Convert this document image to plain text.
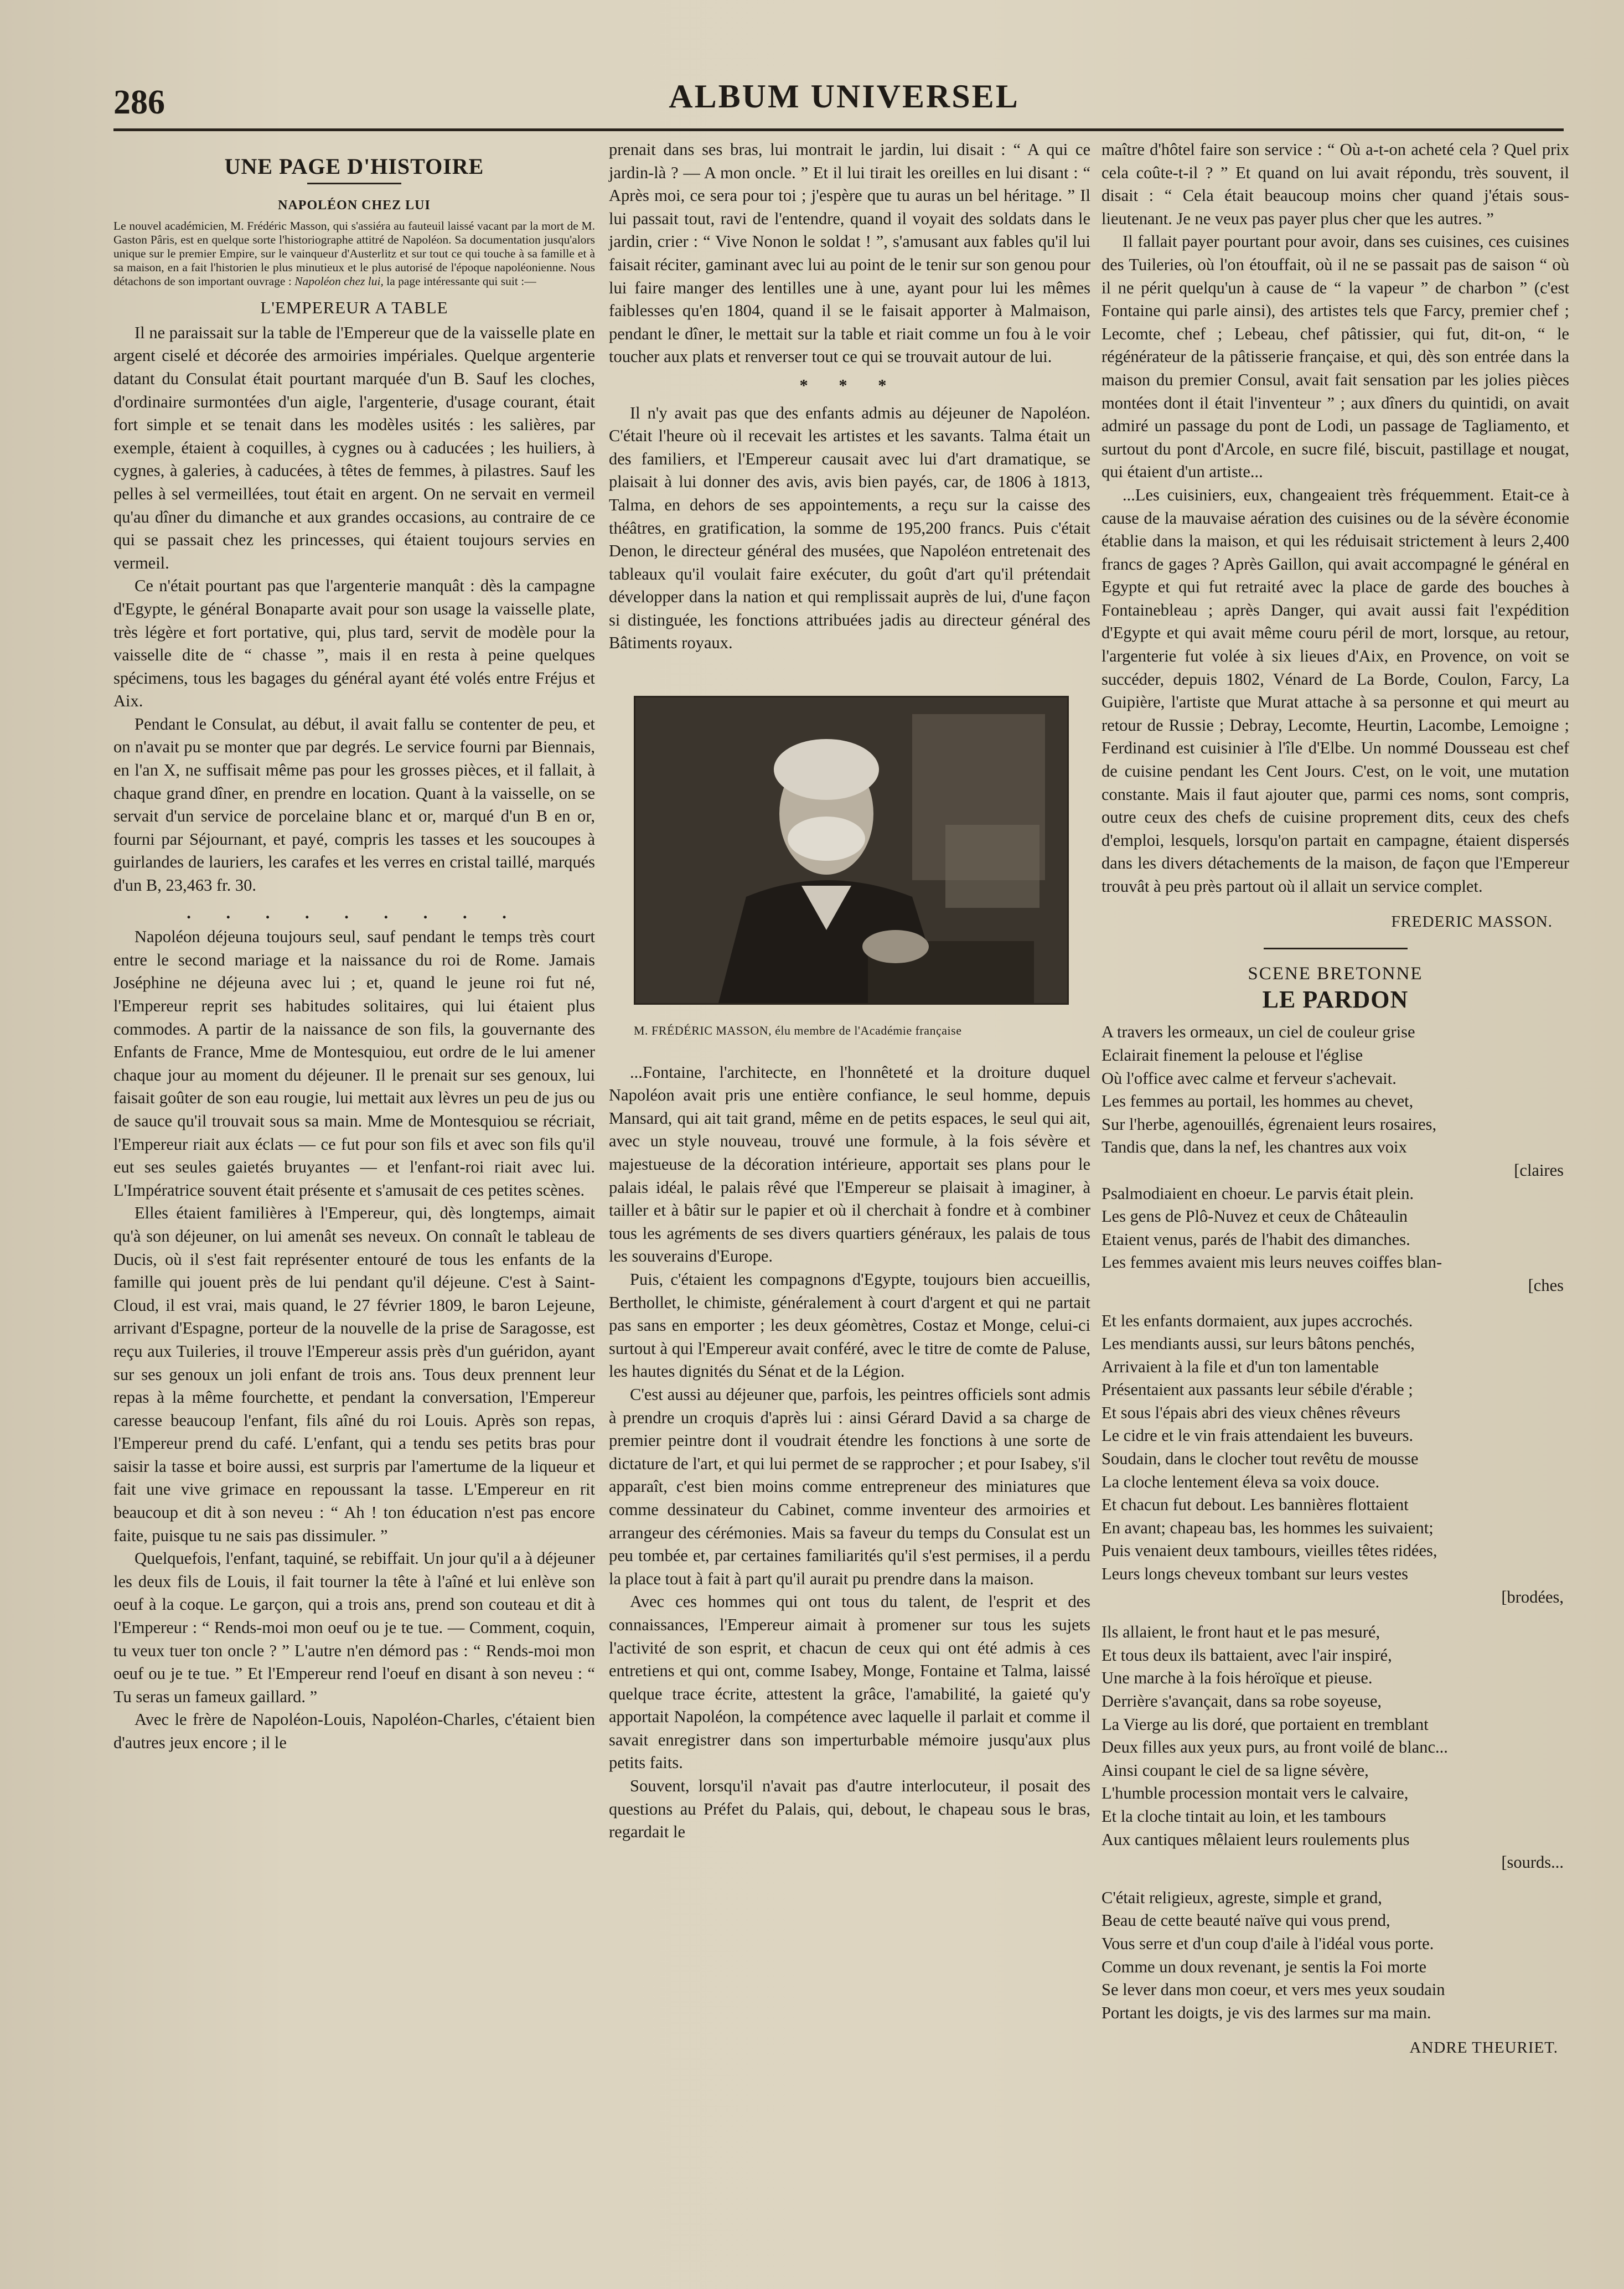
286	ALBUM UNIVERSEL
UNE PAGE D'HISTOIRE
NAPOLÉON CHEZ LUI
Le nouvel académicien, M. Frédéric Masson, qui s'assiéra au fauteuil laissé vacant par la mort de M. Gaston Pâris, est en quelque sorte l'historiographe attitré de Napoléon. Sa documentation jusqu'alors unique sur le premier Empire, sur le vainqueur d'Austerlitz et sur tout ce qui touche à sa famille et à sa maison, en a fait l'historien le plus minutieux et le plus autorisé de l'époque napoléonienne. Nous détachons de son important ouvrage : Napoléon chez lui, la page intéressante qui suit :—
L'EMPEREUR A TABLE

Il ne paraissait sur la table de l'Empereur que de la vaisselle plate en argent ciselé et décorée des armoiries impériales. Quelque argenterie datant du Consulat était pourtant marquée d'un B. Sauf les cloches, d'ordinaire surmontées d'un aigle, l'argenterie, d'usage courant, était fort simple et se tenait dans les modèles usités : les salières, par exemple, étaient à coquilles, à cygnes ou à caducées ; les huiliers, à cygnes, à galeries, à caducées, à têtes de femmes, à pilastres. Sauf les pelles à sel vermeillées, tout était en argent. On ne servait en vermeil qu'au dîner du dimanche et aux grandes occasions, au contraire de ce qui se passait chez les princesses, qui étaient toujours servies en vermeil.

Ce n'était pourtant pas que l'argenterie manquât : dès la campagne d'Egypte, le général Bonaparte avait pour son usage la vaisselle plate, très légère et fort portative, qui, plus tard, servit de modèle pour la vaisselle dite de “ chasse ”, mais il en resta à peine quelques spécimens, tous les bagages du général ayant été volés entre Fréjus et Aix.

Pendant le Consulat, au début, il avait fallu se contenter de peu, et on n'avait pu se monter que par degrés. Le service fourni par Biennais, en l'an X, ne suffisait même pas pour les grosses pièces, et il fallait, à chaque grand dîner, en prendre en location. Quant à la vaisselle, on se servait d'un service de porcelaine blanc et or, marqué d'un B en or, fourni par Séjournant, et payé, compris les tasses et les soucoupes à guirlandes de lauriers, les carafes et les verres en cristal taillé, marqués d'un B, 23,463 fr. 30.

. . . . . . . . .

Napoléon déjeuna toujours seul, sauf pendant le temps très court entre le second mariage et la naissance du roi de Rome. Jamais Joséphine ne déjeuna avec lui ; et, quand le jeune roi fut né, l'Empereur reprit ses habitudes solitaires, qui lui étaient plus commodes. A partir de la naissance de son fils, la gouvernante des Enfants de France, Mme de Montesquiou, eut ordre de le lui amener chaque jour au moment du déjeuner. Il le prenait sur ses genoux, lui faisait goûter de son eau rougie, lui mettait aux lèvres un peu de jus ou de sauce qu'il trouvait sous sa main. Mme de Montesquiou se récriait, l'Empereur riait aux éclats — ce fut pour son fils et avec son fils qu'il eut ses seules gaietés bruyantes — et l'enfant-roi riait avec lui. L'Impératrice souvent était présente et s'amusait de ces petites scènes.

Elles étaient familières à l'Empereur, qui, dès longtemps, aimait qu'à son déjeuner, on lui amenât ses neveux. On connaît le tableau de Ducis, où il s'est fait représenter entouré de tous les enfants de la famille qui jouent près de lui pendant qu'il déjeune. C'est à Saint-Cloud, il est vrai, mais quand, le 27 février 1809, le baron Lejeune, arrivant d'Espagne, porteur de la nouvelle de la prise de Saragosse, est reçu aux Tuileries, il trouve l'Empereur assis près d'un guéridon, ayant sur ses genoux un joli enfant de trois ans. Tous deux prennent leur repas à la même fourchette, et pendant la conversation, l'Empereur caresse beaucoup l'enfant, fils aîné du roi Louis. Après son repas, l'Empereur prend du café. L'enfant, qui a tendu ses petits bras pour saisir la tasse et boire aussi, est surpris par l'amertume de la liqueur et fait une vive grimace en repoussant la tasse. L'Empereur en rit beaucoup et dit à son neveu : “ Ah ! ton éducation n'est pas encore faite, puisque tu ne sais pas dissimuler. ”

Quelquefois, l'enfant, taquiné, se rebiffait. Un jour qu'il a à déjeuner les deux fils de Louis, il fait tourner la tête à l'aîné et lui enlève son oeuf à la coque. Le garçon, qui a trois ans, prend son couteau et dit à l'Empereur : “ Rends-moi mon oeuf ou je te tue. — Comment, coquin, tu veux tuer ton oncle ? ” L'autre n'en démord pas : “ Rends-moi mon oeuf ou je te tue. ” Et l'Empereur rend l'oeuf en disant à son neveu : “ Tu seras un fameux gaillard. ”

Avec le frère de Napoléon-Louis, Napoléon-Charles, c'étaient bien d'autres jeux encore ; il le

prenait dans ses bras, lui montrait le jardin, lui disait : “ A qui ce jardin-là ? — A mon oncle. ” Et il lui tirait les oreilles en lui disant : “ Après moi, ce sera pour toi ; j'espère que tu auras un bel héritage. ” Il lui passait tout, ravi de l'entendre, quand il voyait des soldats dans le jardin, crier : “ Vive Nonon le soldat ! ”, s'amusant aux fables qu'il lui faisait réciter, gaminant avec lui au point de le tenir sur son genou pour lui faire manger des lentilles une à une, ayant pour lui les mêmes faiblesses qu'en 1804, quand il se le faisait apporter à Malmaison, pendant le dîner, le mettait sur la table et riait comme un fou à le voir toucher aux plats et renverser tout ce qui se trouvait autour de lui.

* * *

Il n'y avait pas que des enfants admis au déjeuner de Napoléon. C'était l'heure où il recevait les artistes et les savants. Talma était un des familiers, et l'Empereur causait avec lui d'art dramatique, se plaisait à lui donner des avis, avis bien payés, car, de 1806 à 1813, Talma, en dehors de ses appointements, a reçu sur la caisse des théâtres, en gratification, la somme de 195,200 francs. Puis c'était Denon, le directeur général des musées, que Napoléon entretenait des tableaux qu'il voulait faire exécuter, du goût d'art qu'il prétendait développer dans la nation et qui remplissait auprès de lui, d'une façon si distinguée, les fonctions attribuées jadis au directeur général des Bâtiments royaux.

M. FRÉDÉRIC MASSON, élu membre de l'Académie française

...Fontaine, l'architecte, en l'honnêteté et la droiture duquel Napoléon avait pris une entière confiance, le seul homme, depuis Mansard, qui ait tait grand, même en de petits espaces, le seul qui ait, avec un style nouveau, trouvé une formule, à la fois sévère et majestueuse de la décoration intérieure, apportait ses plans pour le palais idéal, le palais rêvé que l'Empereur se plaisait à imaginer, à tailler et à bâtir sur le papier et où il cherchait à fondre et à combiner tous les agréments de ses divers quartiers généraux, les palais de tous les souverains d'Europe.

Puis, c'étaient les compagnons d'Egypte, toujours bien accueillis, Berthollet, le chimiste, généralement à court d'argent et qui ne partait pas sans en emporter ; les deux géomètres, Costaz et Monge, celui-ci surtout à qui l'Empereur avait conféré, avec le titre de comte de Paluse, les hautes dignités du Sénat et de la Légion.

C'est aussi au déjeuner que, parfois, les peintres officiels sont admis à prendre un croquis d'après lui : ainsi Gérard David a sa charge de premier peintre dont il voudrait étendre les fonctions à une sorte de dictature de l'art, et qui lui permet de se rapprocher ; et pour Isabey, s'il apparaît, c'est bien moins comme entrepreneur des miniatures que comme dessinateur du Cabinet, comme inventeur des armoiries et arrangeur des cérémonies. Mais sa faveur du temps du Consulat est un peu tombée et, par certaines familiarités qu'il s'est permises, il a perdu la place tout à fait à part qu'il aurait pu prendre dans la maison.

Avec ces hommes qui ont tous du talent, de l'esprit et des connaissances, l'Empereur aimait à promener sur tous les sujets l'activité de son esprit, et chacun de ceux qui ont été admis à ces entretiens et qui ont, comme Isabey, Monge, Fontaine et Talma, laissé quelque trace écrite, attestent la grâce, l'amabilité, la gaieté qu'y apportait Napoléon, la compétence avec laquelle il parlait et comme il savait enregistrer dans son imperturbable mémoire jusqu'aux plus petits faits.

Souvent, lorsqu'il n'avait pas d'autre interlocuteur, il posait des questions au Préfet du Palais, qui, debout, le chapeau sous le bras, regardait le

maître d'hôtel faire son service : “ Où a-t-on acheté cela ? Quel prix cela coûte-t-il ? ” Et quand on lui avait répondu, très souvent, il disait : “ Cela était beaucoup moins cher quand j'étais sous-lieutenant. Je ne veux pas payer plus cher que les autres. ”

Il fallait payer pourtant pour avoir, dans ses cuisines, ces cuisines des Tuileries, où l'on étouffait, où il ne se passait pas de saison “ où il ne périt quelqu'un à cause de “ la vapeur ” de charbon ” (c'est Fontaine qui parle ainsi), des artistes tels que Farcy, premier chef ; Lecomte, chef ; Lebeau, chef pâtissier, qui fut, dit-on, “ le régénérateur de la pâtisserie française, et qui, dès son entrée dans la maison du premier Consul, avait fait sensation par les jolies pièces montées dont il était l'inventeur ” ; aux dîners du quintidi, on avait admiré un passage du pont de Lodi, un passage de Tagliamento, et surtout du pont d'Arcole, en sucre filé, biscuit, pastillage et nougat, qui étaient d'un artiste...

...Les cuisiniers, eux, changeaient très fréquemment. Etait-ce à cause de la mauvaise aération des cuisines ou de la sévère économie établie dans la maison, et qui les réduisait strictement à leurs 2,400 francs de gages ? Après Gaillon, qui avait accompagné le général en Egypte et qui fut retraité avec la place de garde des bouches à Fontainebleau ; après Danger, qui avait aussi fait l'expédition d'Egypte et qui avait même couru péril de mort, lorsque, au retour, l'argenterie fut volée à six lieues d'Aix, en Provence, on voit se succéder, depuis 1802, Vénard de La Borde, Coulon, Farcy, La Guipière, l'artiste que Murat attache à sa personne et qui meurt au retour de Russie ; Debray, Lecomte, Heurtin, Lacombe, Lemoigne ; Ferdinand est cuisinier à l'île d'Elbe. Un nommé Dousseau est chef de cuisine pendant les Cent Jours. C'est, on le voit, une mutation constante. Mais il faut ajouter que, parmi ces noms, sont compris, outre ceux des chefs de cuisine proprement dits, ceux des chefs d'emploi, lesquels, lorsqu'on partait en campagne, étaient dispersés dans les divers détachements de la maison, de façon que l'Empereur trouvât à peu près partout où il allait un service complet.

FREDERIC MASSON.
SCENE BRETONNE
LE PARDON
A travers les ormeaux, un ciel de couleur grise
Eclairait finement la pelouse et l'église
Où l'office avec calme et ferveur s'achevait.
Les femmes au portail, les hommes au chevet,
Sur l'herbe, agenouillés, égrenaient leurs rosaires,
Tandis que, dans la nef, les chantres aux voix
[claires
Psalmodiaient en choeur. Le parvis était plein.
Les gens de Plô-Nuvez et ceux de Châteaulin
Etaient venus, parés de l'habit des dimanches.
Les femmes avaient mis leurs neuves coiffes blan-
[ches
Et les enfants dormaient, aux jupes accrochés.
Les mendiants aussi, sur leurs bâtons penchés,
Arrivaient à la file et d'un ton lamentable
Présentaient aux passants leur sébile d'érable ;
Et sous l'épais abri des vieux chênes rêveurs
Le cidre et le vin frais attendaient les buveurs.
Soudain, dans le clocher tout revêtu de mousse
La cloche lentement éleva sa voix douce.
Et chacun fut debout. Les bannières flottaient
En avant; chapeau bas, les hommes les suivaient;
Puis venaient deux tambours, vieilles têtes ridées,
Leurs longs cheveux tombant sur leurs vestes
[brodées,
Ils allaient, le front haut et le pas mesuré,
Et tous deux ils battaient, avec l'air inspiré,
Une marche à la fois héroïque et pieuse.
Derrière s'avançait, dans sa robe soyeuse,
La Vierge au lis doré, que portaient en tremblant
Deux filles aux yeux purs, au front voilé de blanc...
Ainsi coupant le ciel de sa ligne sévère,
L'humble procession montait vers le calvaire,
Et la cloche tintait au loin, et les tambours
Aux cantiques mêlaient leurs roulements plus
[sourds...
C'était religieux, agreste, simple et grand,
Beau de cette beauté naïve qui vous prend,
Vous serre et d'un coup d'aile à l'idéal vous porte.
Comme un doux revenant, je sentis la Foi morte
Se lever dans mon coeur, et vers mes yeux soudain
Portant les doigts, je vis des larmes sur ma main.
ANDRE THEURIET.
